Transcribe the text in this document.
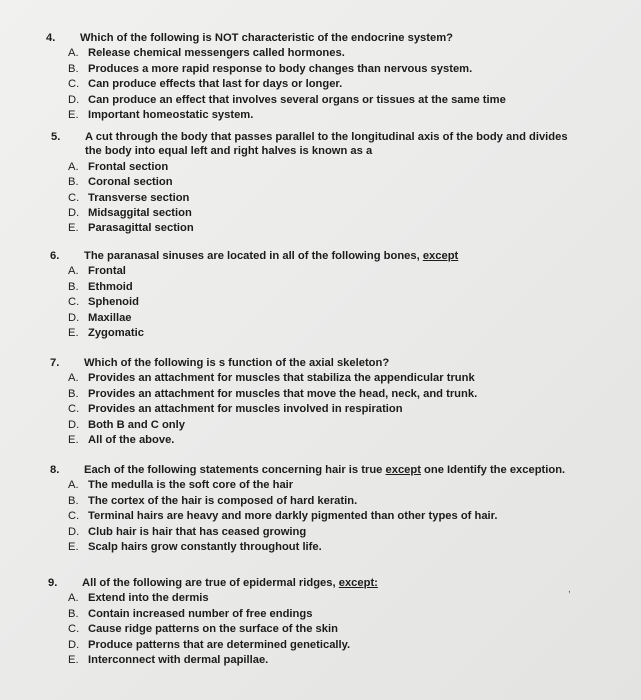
4.	Which of the following is NOT characteristic of the endocrine system?
A. Release chemical messengers called hormones.
B. Produces a more rapid response to body changes than nervous system.
C. Can produce effects that last for days or longer.
D. Can produce an effect that involves several organs or tissues at the same time
E. Important homeostatic system.
5.	A cut through the body that passes parallel to the longitudinal axis of the body and divides the body into equal left and right halves is known as a
A. Frontal section
B. Coronal section
C. Transverse section
D. Midsaggital section
E. Parasagittal section
6.	The paranasal sinuses are located in all of the following bones, except
A. Frontal
B. Ethmoid
C. Sphenoid
D. Maxillae
E. Zygomatic
7.	Which of the following is s function of the axial skeleton?
A. Provides an attachment for muscles that stabiliza the appendicular trunk
B. Provides an attachment for muscles that move the head, neck, and trunk.
C. Provides an attachment for muscles involved in respiration
D. Both B and C only
E. All of the above.
8.	Each of the following statements concerning hair is true except one Identify the exception.
A. The medulla is the soft core of the hair
B. The cortex of the hair is composed of hard keratin.
C. Terminal hairs are heavy and more darkly pigmented than other types of hair.
D. Club hair is hair that has ceased growing
E. Scalp hairs grow constantly throughout life.
9.	All of the following are true of epidermal ridges, except:
A. Extend into the dermis
B. Contain increased number of free endings
C. Cause ridge patterns on the surface of the skin
D. Produce patterns that are determined genetically.
E. Interconnect with dermal papillae.
,
